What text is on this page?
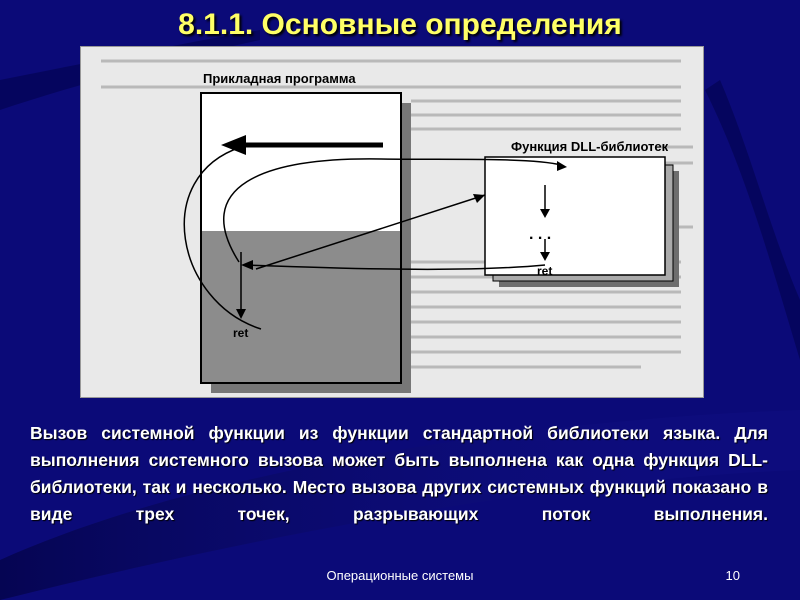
8.1.1. Основные определения
Прикладная программа
Функция DLL-библиотек
ret
. . .
ret
Вызов системной функции из функции стандартной библиотеки языка. Для выполнения системного вызова может быть выполнена как одна функция DLL-библиотеки, так и несколько. Место вызова других системных функций показано в виде трех точек, разрывающих поток выполнения.
Операционные системы	10
